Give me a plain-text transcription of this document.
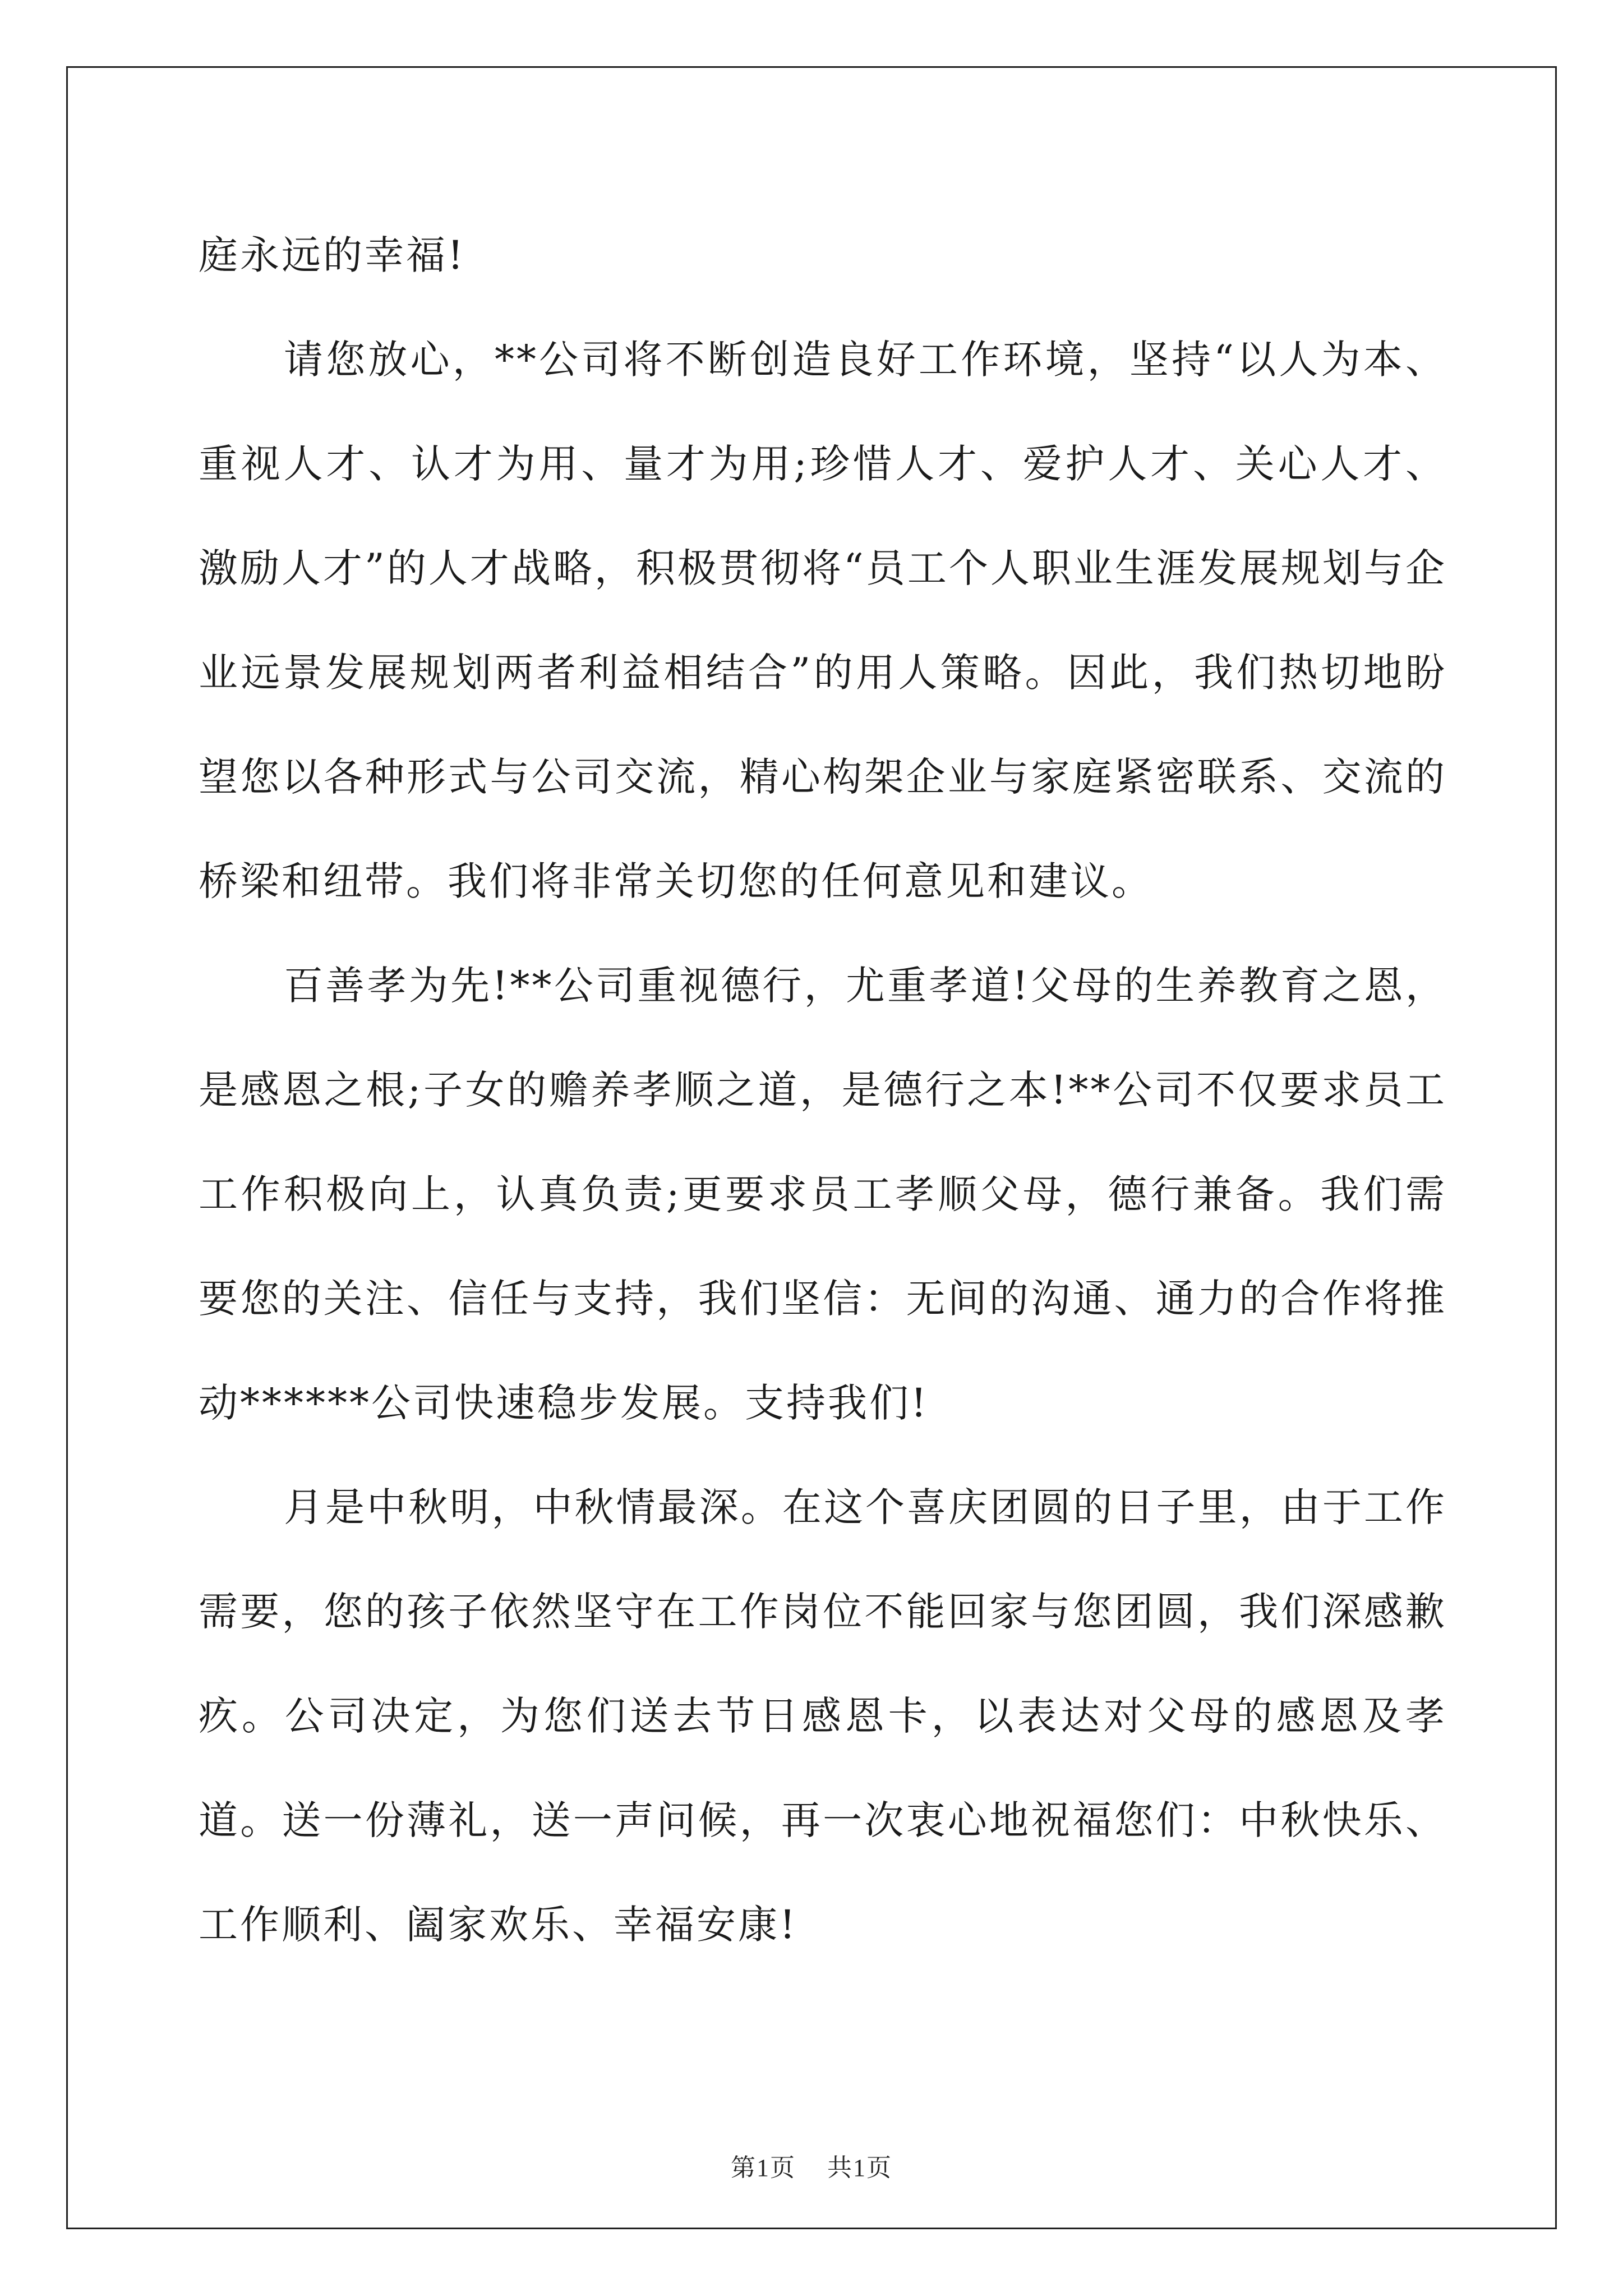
庭永远的幸福!

请您放心，**公司将不断创造良好工作环境，坚持“以人为本、重视人才、认才为用、量才为用;珍惜人才、爱护人才、关心人才、激励人才”的人才战略，积极贯彻将“员工个人职业生涯发展规划与企业远景发展规划两者利益相结合”的用人策略。因此，我们热切地盼望您以各种形式与公司交流，精心构架企业与家庭紧密联系、交流的桥梁和纽带。我们将非常关切您的任何意见和建议。

百善孝为先!**公司重视德行，尤重孝道!父母的生养教育之恩，是感恩之根;子女的赡养孝顺之道，是德行之本!**公司不仅要求员工工作积极向上，认真负责;更要求员工孝顺父母，德行兼备。我们需要您的关注、信任与支持，我们坚信：无间的沟通、通力的合作将推动******公司快速稳步发展。支持我们!

月是中秋明，中秋情最深。在这个喜庆团圆的日子里，由于工作需要，您的孩子依然坚守在工作岗位不能回家与您团圆，我们深感歉疚。公司决定，为您们送去节日感恩卡，以表达对父母的感恩及孝道。送一份薄礼，送一声问候，再一次衷心地祝福您们：中秋快乐、工作顺利、阖家欢乐、幸福安康!

第1页 共1页
